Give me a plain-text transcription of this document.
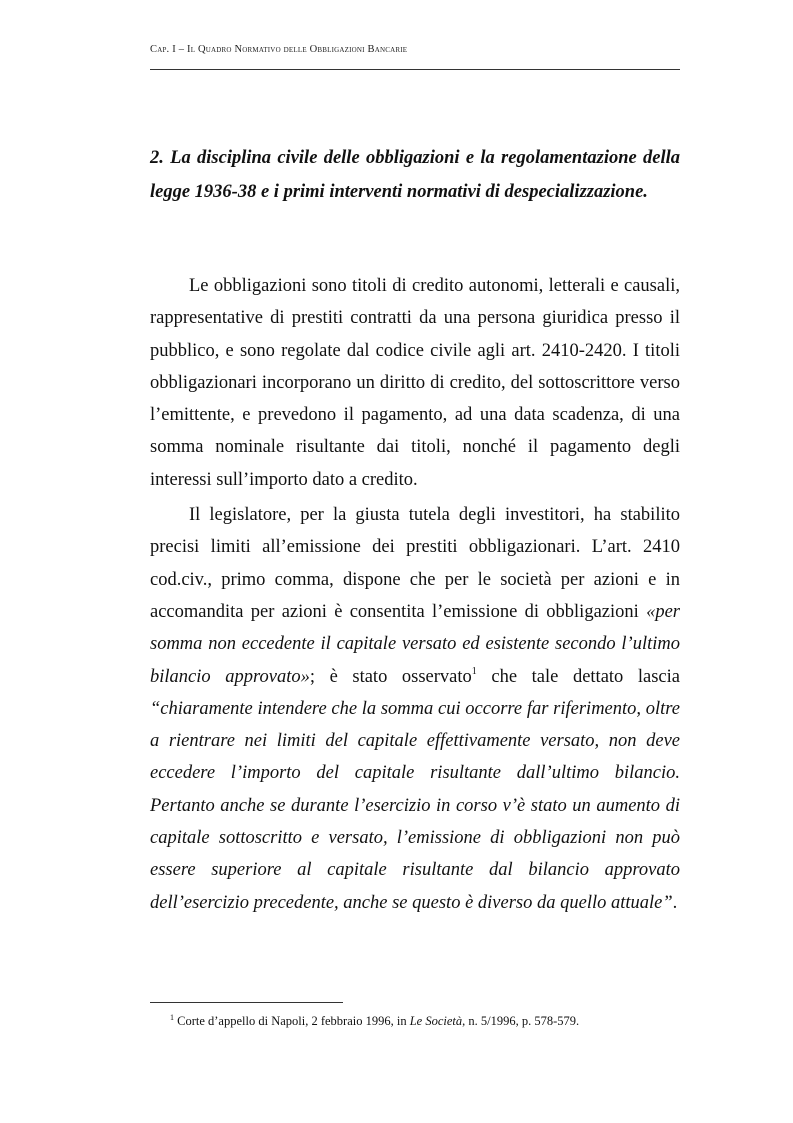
Cap. I – Il Quadro Normativo delle Obbligazioni Bancarie
2. La disciplina civile delle obbligazioni e la regolamentazione della legge 1936-38 e i primi interventi normativi di despecializzazione.

Le obbligazioni sono titoli di credito autonomi, letterali e causali, rappresentative di prestiti contratti da una persona giuridica presso il pubblico, e sono regolate dal codice civile agli art. 2410-2420. I titoli obbligazionari incorporano un diritto di credito, del sottoscrittore verso l’emittente, e prevedono il pagamento, ad una data scadenza, di una somma nominale risultante dai titoli, nonché il pagamento degli interessi sull’importo dato a credito.

Il legislatore, per la giusta tutela degli investitori, ha stabilito precisi limiti all’emissione dei prestiti obbligazionari. L’art. 2410 cod.civ., primo comma, dispone che per le società per azioni e in accomandita per azioni è consentita l’emissione di obbligazioni «per somma non eccedente il capitale versato ed esistente secondo l’ultimo bilancio approvato»; è stato osservato$^1$ che tale dettato lascia “chiaramente intendere che la somma cui occorre far riferimento, oltre a rientrare nei limiti del capitale effettivamente versato, non deve eccedere l’importo del capitale risultante dall’ultimo bilancio. Pertanto anche se durante l’esercizio in corso v’è stato un aumento di capitale sottoscritto e versato, l’emissione di obbligazioni non può essere superiore al capitale risultante dal bilancio approvato dell’esercizio precedente, anche se questo è diverso da quello attuale”.

$^1$ Corte d’appello di Napoli, 2 febbraio 1996, in Le Società, n. 5/1996, p. 578-579.
